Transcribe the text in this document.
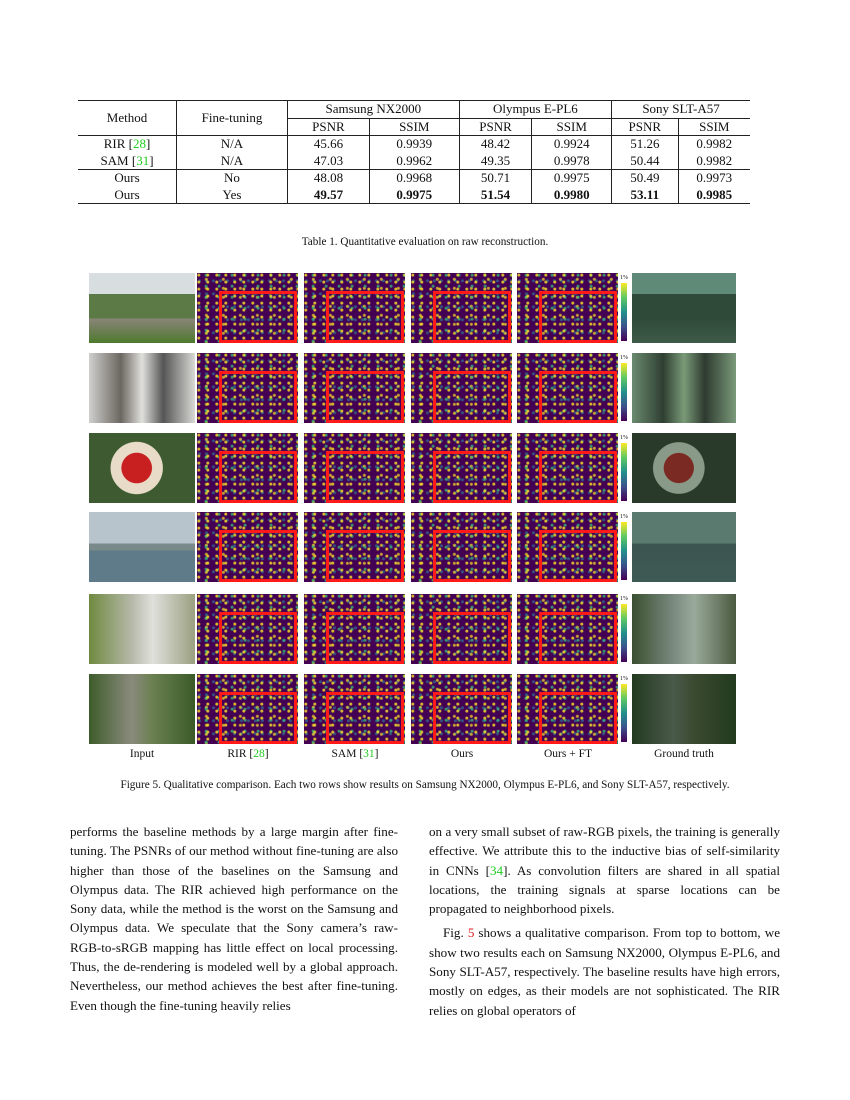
Method	Fine-tuning	Samsung NX2000		Olympus E-PL6		Sony SLT-A57	
		PSNR	SSIM	PSNR	SSIM	PSNR	SSIM
RIR [28]	N/A	45.66	0.9939	48.42	0.9924	51.26	0.9982
SAM [31]	N/A	47.03	0.9962	49.35	0.9978	50.44	0.9982
Ours	No	48.08	0.9968	50.71	0.9975	50.49	0.9973
Ours	Yes	49.57	0.9975	51.54	0.9980	53.11	0.9985
Table 1. Quantitative evaluation on raw reconstruction.
1%
1%
1%
1%
1%
1%
Input	RIR [28]	SAM [31]	Ours	Ours + FT	Ground truth
Figure 5. Qualitative comparison. Each two rows show results on Samsung NX2000, Olympus E-PL6, and Sony SLT-A57, respectively.

performs the baseline methods by a large margin after fine-tuning. The PSNRs of our method without fine-tuning are also higher than those of the baselines on the Samsung and Olympus data. The RIR achieved high performance on the Sony data, while the method is the worst on the Samsung and Olympus data. We speculate that the Sony camera’s raw-RGB-to-sRGB mapping has little effect on local processing. Thus, the de-rendering is modeled well by a global approach. Nevertheless, our method achieves the best after fine-tuning. Even though the fine-tuning heavily relies

on a very small subset of raw-RGB pixels, the training is generally effective. We attribute this to the inductive bias of self-similarity in CNNs [34]. As convolution filters are shared in all spatial locations, the training signals at sparse locations can be propagated to neighborhood pixels.

Fig. 5 shows a qualitative comparison. From top to bottom, we show two results each on Samsung NX2000, Olympus E-PL6, and Sony SLT-A57, respectively. The baseline results have high errors, mostly on edges, as their models are not sophisticated. The RIR relies on global operators of
